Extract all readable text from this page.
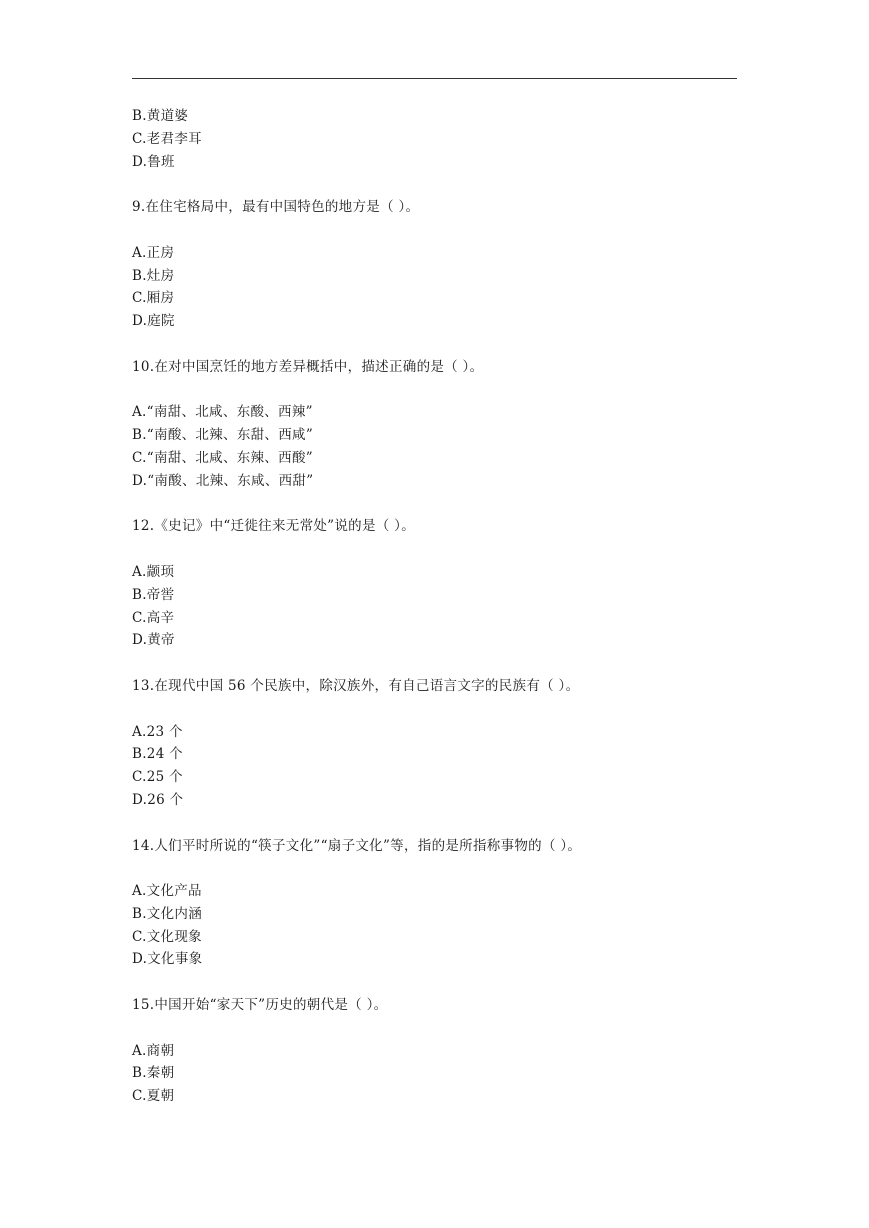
B.黄道婆
C.老君李耳
D.鲁班
9.在住宅格局中，最有中国特色的地方是（ ）。
A.正房
B.灶房
C.厢房
D.庭院
10.在对中国烹饪的地方差异概括中，描述正确的是（ ）。
A.“南甜、北咸、东酸、西辣”
B.“南酸、北辣、东甜、西咸”
C.“南甜、北咸、东辣、西酸”
D.“南酸、北辣、东咸、西甜”
12.《史记》中“迁徙往来无常处”说的是（ ）。
A.颛顼
B.帝喾
C.高辛
D.黄帝
13.在现代中国 56 个民族中，除汉族外，有自己语言文字的民族有（ ）。
A.23 个
B.24 个
C.25 个
D.26 个
14.人们平时所说的“筷子文化”“扇子文化”等，指的是所指称事物的（ ）。
A.文化产品
B.文化内涵
C.文化现象
D.文化事象
15.中国开始“家天下”历史的朝代是（ ）。
A.商朝
B.秦朝
C.夏朝
